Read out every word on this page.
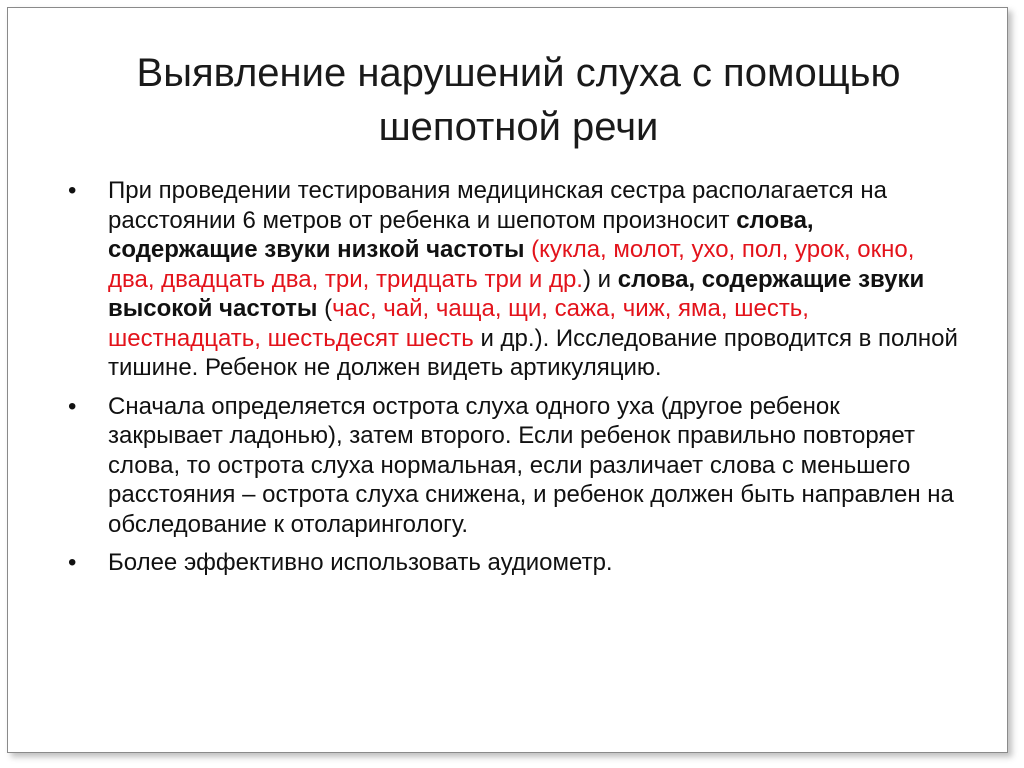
Выявление нарушений слуха с помощью
шепотной речи
• При проведении тестирования медицинская сестра располагается на расстоянии 6 метров от ребенка и шепотом произносит слова, содержащие звуки низкой частоты (кукла, молот, ухо, пол, урок, окно, два, двадцать два, три, тридцать три и др.) и слова, содержащие звуки высокой частоты (час, чай, чаща, щи, сажа, чиж, яма, шесть, шестнадцать, шестьдесят шесть и др.). Исследование проводится в полной тишине. Ребенок не должен видеть артикуляцию.
• Сначала определяется острота слуха одного уха (другое ребенок закрывает ладонью), затем второго. Если ребенок правильно повторяет слова, то острота слуха нормальная, если различает слова с меньшего расстояния – острота слуха снижена, и ребенок должен быть направлен на обследование к отоларингологу.
• Более эффективно использовать аудиометр.
